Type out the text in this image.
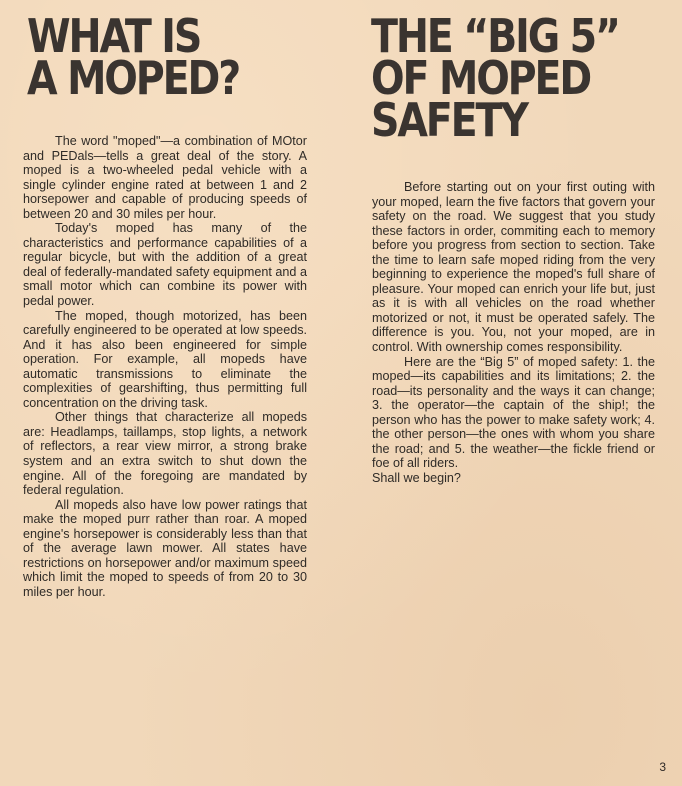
WHAT IS
A MOPED?

The word "moped"—a combination of MOtor and PEDals—tells a great deal of the story. A moped is a two-wheeled pedal vehicle with a single cylinder engine rated at between 1 and 2 horsepower and capable of producing speeds of between 20 and 30 miles per hour.

Today's moped has many of the characteristics and performance capabilities of a regular bicycle, but with the addition of a great deal of federally-mandated safety equipment and a small motor which can combine its power with pedal power.

The moped, though motorized, has been carefully engineered to be operated at low speeds. And it has also been engineered for simple operation. For example, all mopeds have automatic transmissions to eliminate the complexities of gearshifting, thus permitting full concentration on the driving task.

Other things that characterize all mopeds are: Headlamps, taillamps, stop lights, a network of reflectors, a rear view mirror, a strong brake system and an extra switch to shut down the engine. All of the foregoing are mandated by federal regulation.

All mopeds also have low power ratings that make the moped purr rather than roar. A moped engine's horsepower is considerably less than that of the average lawn mower. All states have restrictions on horsepower and/or maximum speed which limit the moped to speeds of from 20 to 30 miles per hour.

THE “BIG 5”
OF MOPED
SAFETY

Before starting out on your first outing with your moped, learn the five factors that govern your safety on the road. We suggest that you study these factors in order, commiting each to memory before you progress from section to section. Take the time to learn safe moped riding from the very beginning to experience the moped's full share of pleasure. Your moped can enrich your life but, just as it is with all vehicles on the road whether motorized or not, it must be operated safely. The difference is you. You, not your moped, are in control. With ownership comes responsibility.

Here are the “Big 5” of moped safety: 1. the moped—its capabilities and its limitations; 2. the road—its personality and the ways it can change; 3. the operator—the captain of the ship!; the person who has the power to make safety work; 4. the other person—the ones with whom you share the road; and 5. the weather—the fickle friend or foe of all riders.

Shall we begin?

3
